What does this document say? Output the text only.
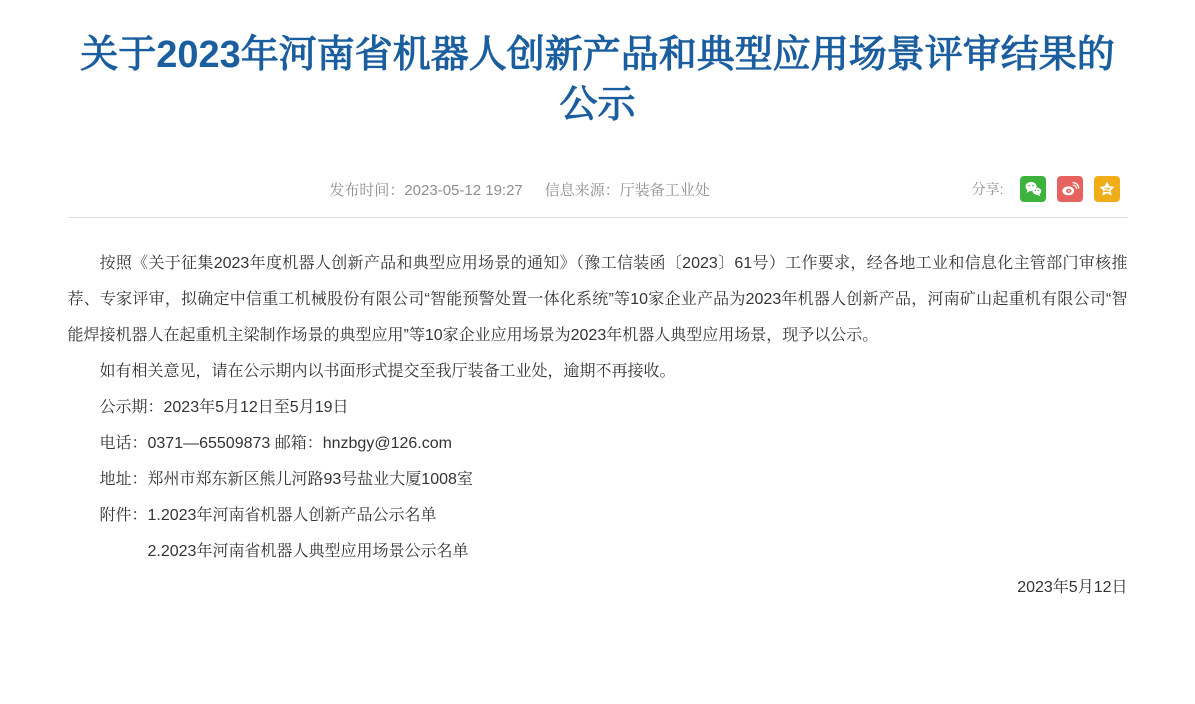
关于2023年河南省机器人创新产品和典型应用场景评审结果的公示
发布时间：2023-05-12 19:27 信息来源：厅装备工业处	分享:

按照《关于征集2023年度机器人创新产品和典型应用场景的通知》（豫工信装函〔2023〕61号）工作要求，经各地工业和信息化主管部门审核推荐、专家评审，拟确定中信重工机械股份有限公司“智能预警处置一体化系统”等10家企业产品为2023年机器人创新产品，河南矿山起重机有限公司“智能焊接机器人在起重机主梁制作场景的典型应用”等10家企业应用场景为2023年机器人典型应用场景，现予以公示。

如有相关意见，请在公示期内以书面形式提交至我厅装备工业处，逾期不再接收。

公示期：2023年5月12日至5月19日

电话：0371—65509873 邮箱：hnzbgy@126.com

地址：郑州市郑东新区熊儿河路93号盐业大厦1008室

附件：1.2023年河南省机器人创新产品公示名单

2.2023年河南省机器人典型应用场景公示名单

2023年5月12日
